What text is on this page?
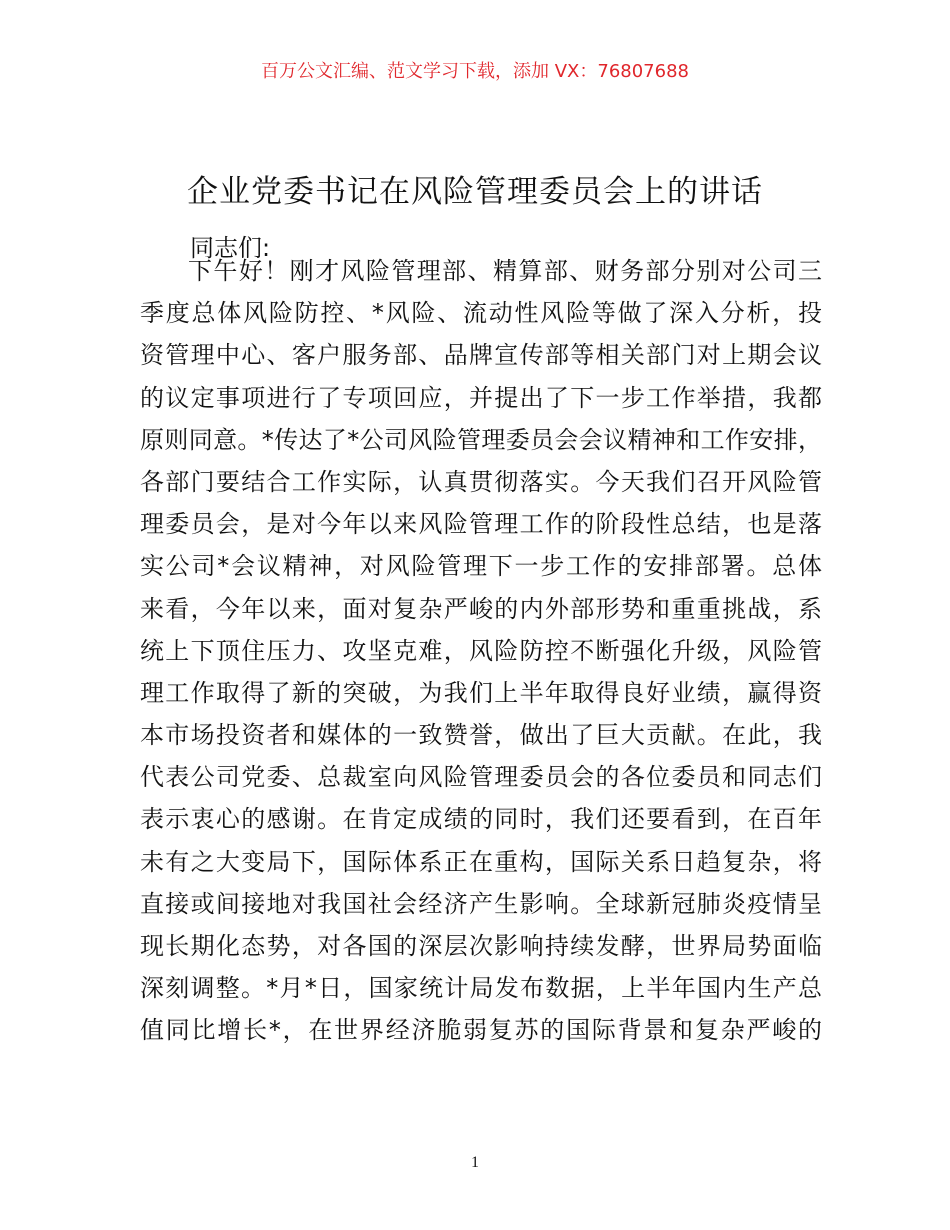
百万公文汇编、范文学习下载，添加 VX：76807688
企业党委书记在风险管理委员会上的讲话
同志们:
下午好！刚才风险管理部、精算部、财务部分别对公司三
季度总体风险防控、*风险、流动性风险等做了深入分析，投
资管理中心、客户服务部、品牌宣传部等相关部门对上期会议
的议定事项进行了专项回应，并提出了下一步工作举措，我都
原则同意。*传达了*公司风险管理委员会会议精神和工作安排，
各部门要结合工作实际，认真贯彻落实。今天我们召开风险管
理委员会，是对今年以来风险管理工作的阶段性总结，也是落
实公司*会议精神，对风险管理下一步工作的安排部署。总体
来看，今年以来，面对复杂严峻的内外部形势和重重挑战，系
统上下顶住压力、攻坚克难，风险防控不断强化升级，风险管
理工作取得了新的突破，为我们上半年取得良好业绩，赢得资
本市场投资者和媒体的一致赞誉，做出了巨大贡献。在此，我
代表公司党委、总裁室向风险管理委员会的各位委员和同志们
表示衷心的感谢。在肯定成绩的同时，我们还要看到，在百年
未有之大变局下，国际体系正在重构，国际关系日趋复杂，将
直接或间接地对我国社会经济产生影响。全球新冠肺炎疫情呈
现长期化态势，对各国的深层次影响持续发酵，世界局势面临
深刻调整。*月*日，国家统计局发布数据，上半年国内生产总
值同比增长*，在世界经济脆弱复苏的国际背景和复杂严峻的
1
